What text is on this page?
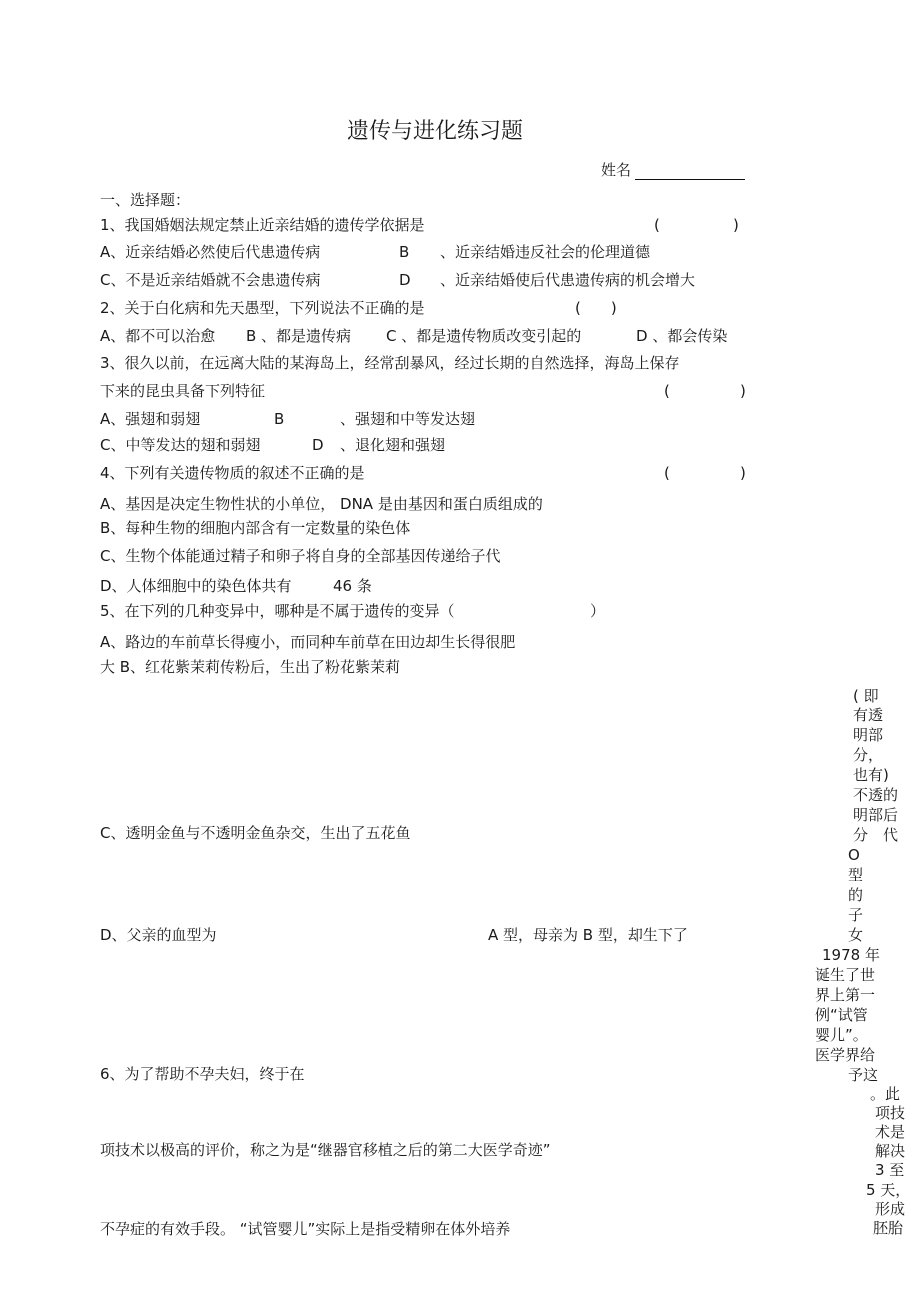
遗传与进化练习题
姓名
一、选择题：
1、我国婚姻法规定禁止近亲结婚的遗传学依据是	(	)
A、近亲结婚必然使后代患遗传病	B 、近亲结婚违反社会的伦理道德
C、不是近亲结婚就不会患遗传病	D 、近亲结婚使后代患遗传病的机会增大
2、关于白化病和先天愚型，下列说法不正确的是	(　　)
A、都不可以治愈 B 、都是遗传病 C 、都是遗传物质改变引起的	D 、都会传染
3、很久以前，在远离大陆的某海岛上，经常刮暴风，经过长期的自然选择，海岛上保存
下来的昆虫具备下列特征	(	)
A、强翅和弱翅	B	、强翅和中等发达翅
C、中等发达的翅和弱翅	D 、退化翅和强翅
4、下列有关遗传物质的叙述不正确的是	(	)
A、基因是决定生物性状的小单位， DNA 是由基因和蛋白质组成的
B、每种生物的细胞内部含有一定数量的染色体
C、生物个体能通过精子和卵子将自身的全部基因传递给子代
D、人体细胞中的染色体共有	46 条
5、在下列的几种变异中，哪种是不属于遗传的变异（	）
A、路边的车前草长得瘦小，而同种车前草在田边却生长得很肥
大 B、红花紫茉莉传粉后，生出了粉花紫茉莉
C、透明金鱼与不透明金鱼杂交，生出了五花鱼
D、父亲的血型为	A 型，母亲为 B 型，却生下了
6、为了帮助不孕夫妇，终于在
项技术以极高的评价，称之为是“继器官移植之后的第二大医学奇迹”
不孕症的有效手段。 “试管婴儿”实际上是指受精卵在体外培养
( 即
有透
明部
分，
也有)
不透的
明部后
分　代
O
型
的
子
女
1978 年
诞生了世
界上第一
例“试管
婴儿”。
医学界给
予这
。此
项技
术是
解决
3 至
5 天，
形成
胚胎
